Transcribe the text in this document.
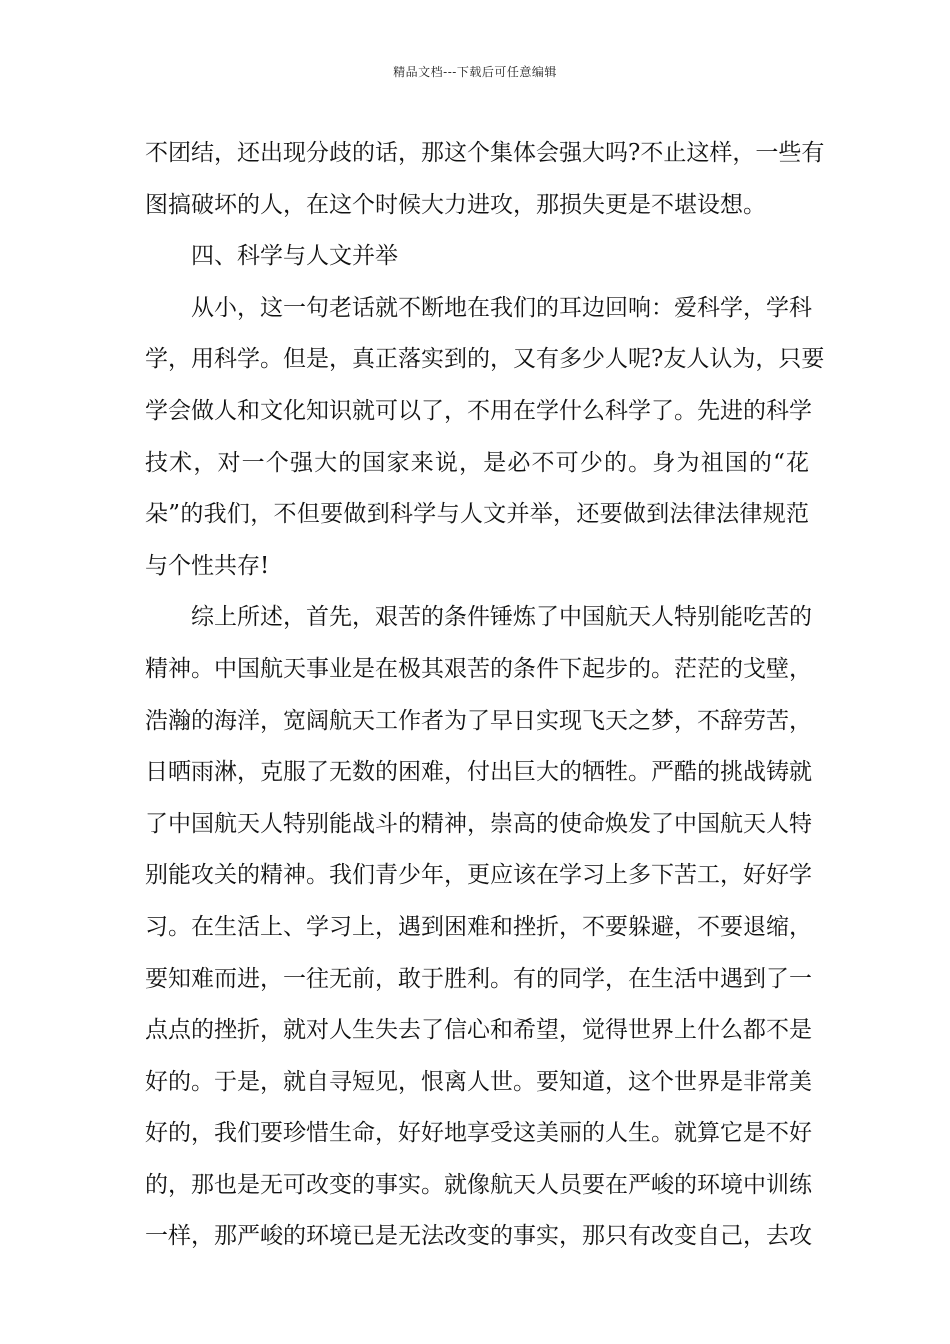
精品文档---下载后可任意编辑
不团结，还出现分歧的话，那这个集体会强大吗?不止这样，一些有
图搞破坏的人，在这个时候大力进攻，那损失更是不堪设想。
四、科学与人文并举
从小，这一句老话就不断地在我们的耳边回响：爱科学，学科
学，用科学。但是，真正落实到的，又有多少人呢?友人认为，只要
学会做人和文化知识就可以了，不用在学什么科学了。先进的科学
技术，对一个强大的国家来说，是必不可少的。身为祖国的“花
朵”的我们，不但要做到科学与人文并举，还要做到法律法律规范
与个性共存!
综上所述，首先，艰苦的条件锤炼了中国航天人特别能吃苦的
精神。中国航天事业是在极其艰苦的条件下起步的。茫茫的戈壁，
浩瀚的海洋，宽阔航天工作者为了早日实现飞天之梦，不辞劳苦，
日晒雨淋，克服了无数的困难，付出巨大的牺牲。严酷的挑战铸就
了中国航天人特别能战斗的精神，崇高的使命焕发了中国航天人特
别能攻关的精神。我们青少年，更应该在学习上多下苦工，好好学
习。在生活上、学习上，遇到困难和挫折，不要躲避，不要退缩，
要知难而进，一往无前，敢于胜利。有的同学，在生活中遇到了一
点点的挫折，就对人生失去了信心和希望，觉得世界上什么都不是
好的。于是，就自寻短见，恨离人世。要知道，这个世界是非常美
好的，我们要珍惜生命，好好地享受这美丽的人生。就算它是不好
的，那也是无可改变的事实。就像航天人员要在严峻的环境中训练
一样，那严峻的环境已是无法改变的事实，那只有改变自己，去攻
